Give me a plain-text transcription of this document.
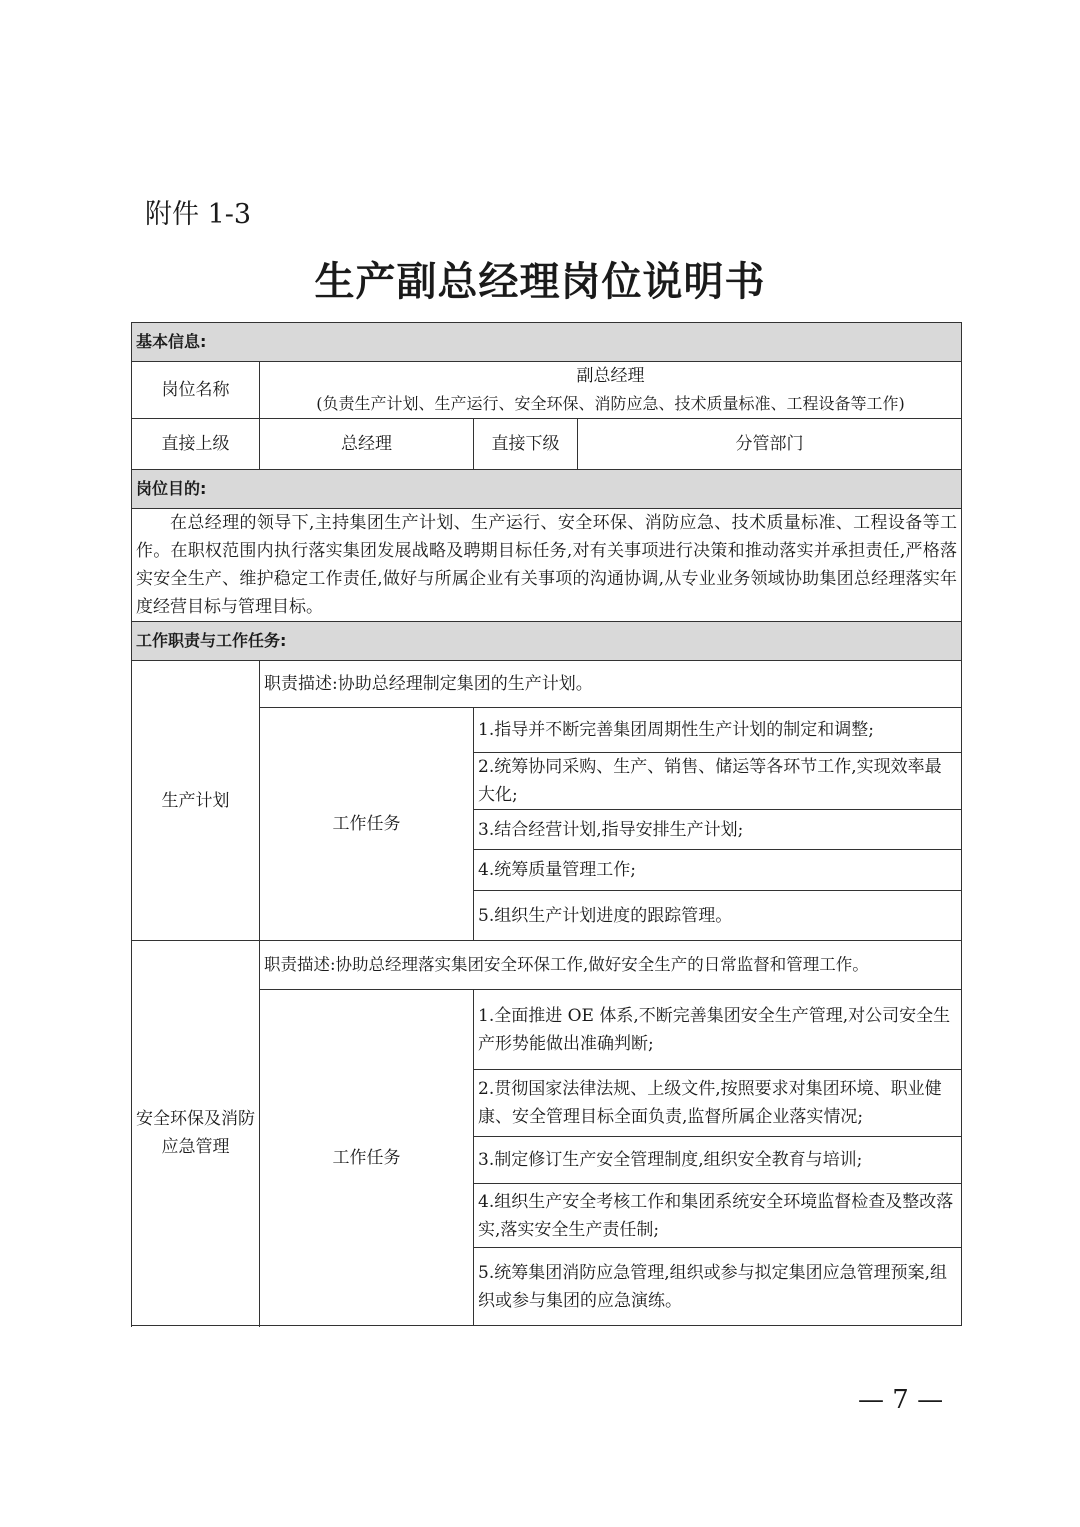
附件 1-3
生产副总经理岗位说明书
基本信息:			
岗位名称	副总经理
(负责生产计划、生产运行、安全环保、消防应急、技术质量标准、工程设备等工作)		

直接上级	总经理	直接下级	分管部门
岗位目的:			
在总经理的领导下,主持集团生产计划、生产运行、安全环保、消防应急、技术质量标准、工程设备等工作。在职权范围内执行落实集团发展战略及聘期目标任务,对有关事项进行决策和推动落实并承担责任,严格落实安全生产、维护稳定工作责任,做好与所属企业有关事项的沟通协调,从专业业务领域协助集团总经理落实年度经营目标与管理目标。			
工作职责与工作任务:			
生产计划	职责描述:协助总经理制定集团的生产计划。		
	工作任务	1.指导并不断完善集团周期性生产计划的制定和调整;	
		2.统筹协同采购、生产、销售、储运等各环节工作,实现效率最大化;	
		3.结合经营计划,指导安排生产计划;	
		4.统筹质量管理工作;	
		5.组织生产计划进度的跟踪管理。	

安全环保及消防应急管理	职责描述:协助总经理落实集团安全环保工作,做好安全生产的日常监督和管理工作。		
	工作任务	1.全面推进 OE 体系,不断完善集团安全生产管理,对公司安全生产形势能做出准确判断;	
		2.贯彻国家法律法规、上级文件,按照要求对集团环境、职业健康、安全管理目标全面负责,监督所属企业落实情况;	
		3.制定修订生产安全管理制度,组织安全教育与培训;	
		4.组织生产安全考核工作和集团系统安全环境监督检查及整改落实,落实安全生产责任制;	
		5.统筹集团消防应急管理,组织或参与拟定集团应急管理预案,组织或参与集团的应急演练。	

— 7 —
